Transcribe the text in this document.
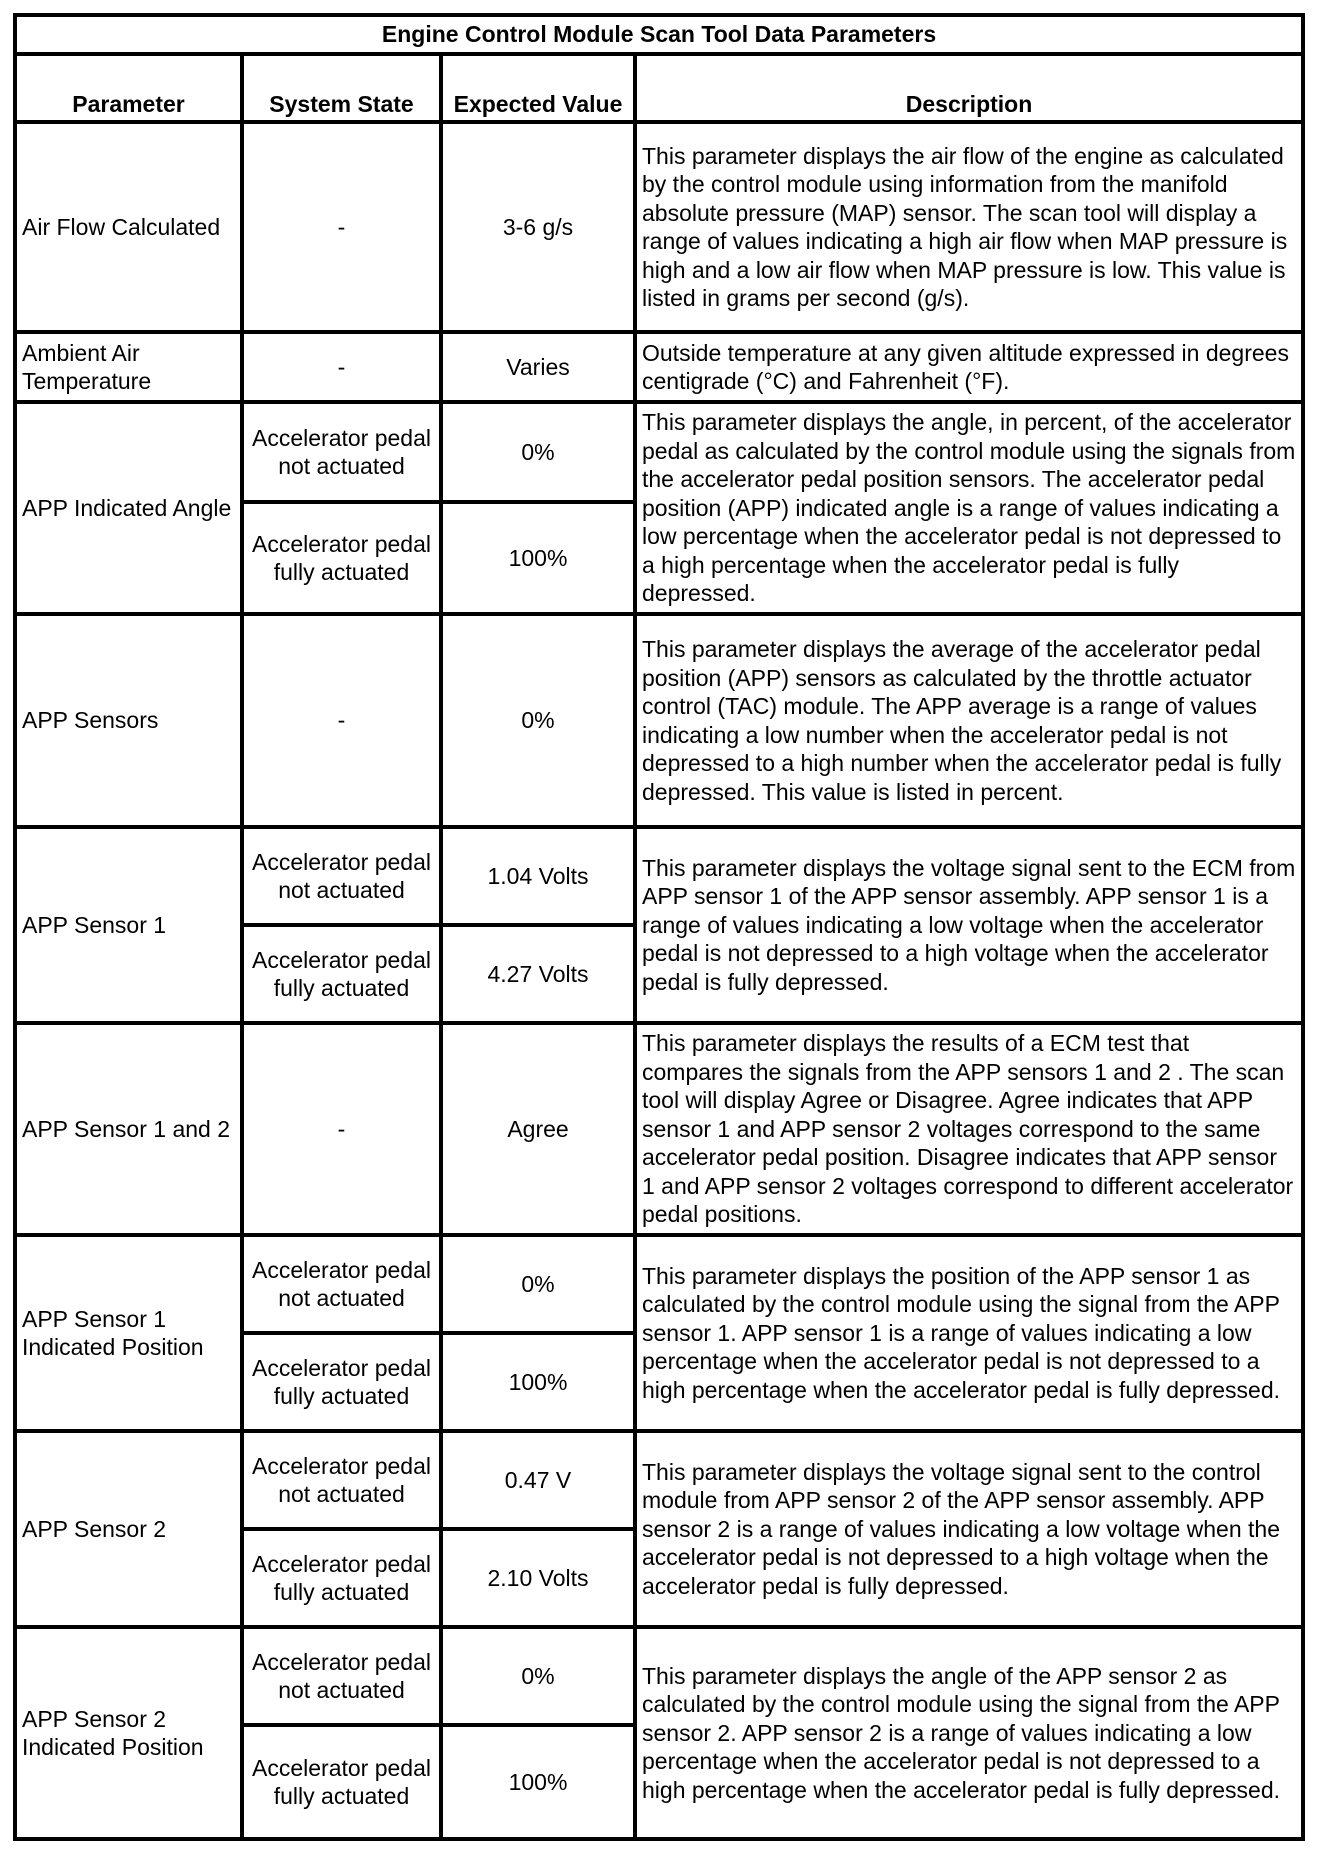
Engine Control Module Scan Tool Data Parameters			
Parameter	System State	Expected Value	Description
Air Flow Calculated	-	3-6 g/s	This parameter displays the air flow of the engine as calculated by the control module using information from the manifold absolute pressure (MAP) sensor. The scan tool will display a range of values indicating a high air flow when MAP pressure is high and a low air flow when MAP pressure is low. This value is listed in grams per second (g/s).
Ambient Air Temperature	-	Varies	Outside temperature at any given altitude expressed in degrees centigrade (°C) and Fahrenheit (°F).
APP Indicated Angle	Accelerator pedal not actuated	0%	This parameter displays the angle, in percent, of the accelerator pedal as calculated by the control module using the signals from the accelerator pedal position sensors. The accelerator pedal position (APP) indicated angle is a range of values indicating a low percentage when the accelerator pedal is not depressed to a high percentage when the accelerator pedal is fully depressed.
	Accelerator pedal fully actuated	100%	
APP Sensors	-	0%	This parameter displays the average of the accelerator pedal position (APP) sensors as calculated by the throttle actuator control (TAC) module. The APP average is a range of values indicating a low number when the accelerator pedal is not depressed to a high number when the accelerator pedal is fully depressed. This value is listed in percent.
APP Sensor 1	Accelerator pedal not actuated	1.04 Volts	This parameter displays the voltage signal sent to the ECM from APP sensor 1 of the APP sensor assembly. APP sensor 1 is a range of values indicating a low voltage when the accelerator pedal is not depressed to a high voltage when the accelerator pedal is fully depressed.
	Accelerator pedal fully actuated	4.27 Volts	
APP Sensor 1 and 2	-	Agree	This parameter displays the results of a ECM test that compares the signals from the APP sensors 1 and 2 . The scan tool will display Agree or Disagree. Agree indicates that APP sensor 1 and APP sensor 2 voltages correspond to the same accelerator pedal position. Disagree indicates that APP sensor 1 and APP sensor 2 voltages correspond to different accelerator pedal positions.
APP Sensor 1 Indicated Position	Accelerator pedal not actuated	0%	This parameter displays the position of the APP sensor 1 as calculated by the control module using the signal from the APP sensor 1. APP sensor 1 is a range of values indicating a low percentage when the accelerator pedal is not depressed to a high percentage when the accelerator pedal is fully depressed.
	Accelerator pedal fully actuated	100%	
APP Sensor 2	Accelerator pedal not actuated	0.47 V	This parameter displays the voltage signal sent to the control module from APP sensor 2 of the APP sensor assembly. APP sensor 2 is a range of values indicating a low voltage when the accelerator pedal is not depressed to a high voltage when the accelerator pedal is fully depressed.
	Accelerator pedal fully actuated	2.10 Volts	
APP Sensor 2 Indicated Position	Accelerator pedal not actuated	0%	This parameter displays the angle of the APP sensor 2 as calculated by the control module using the signal from the APP sensor 2. APP sensor 2 is a range of values indicating a low percentage when the accelerator pedal is not depressed to a high percentage when the accelerator pedal is fully depressed.
	Accelerator pedal fully actuated	100%	
